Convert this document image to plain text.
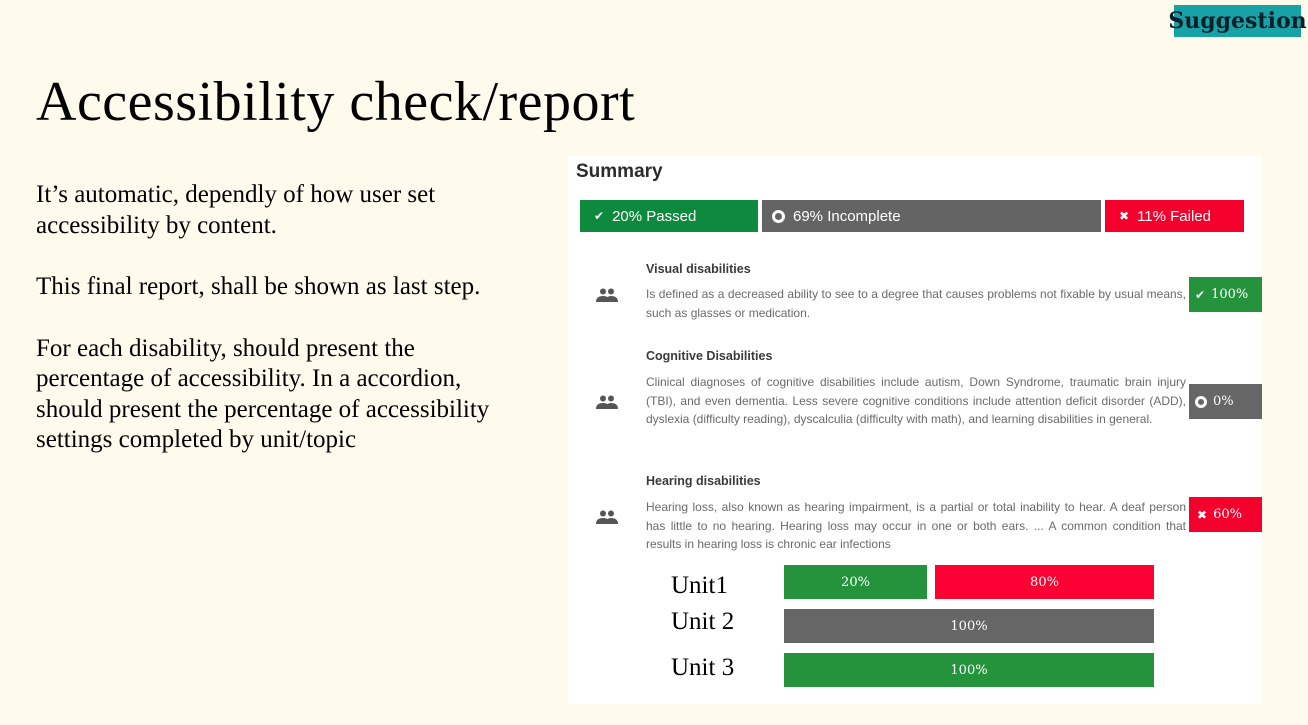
Suggestion
Accessibility check/report

It’s automatic, dependly of how user set accessibility by content.

This final report, shall be shown as last step.

For each disability, should present the percentage of accessibility. In a accordion, should present the percentage of accessibility settings completed by unit/topic

Summary
✔ 20% Passed	69% Incomplete	✖ 11% Failed
Visual disabilities
Is defined as a decreased ability to see to a degree that causes problems not fixable by usual means, such as glasses or medication.
✔ 100%
Cognitive Disabilities
Clinical diagnoses of cognitive disabilities include autism, Down Syndrome, traumatic brain injury (TBI), and even dementia. Less severe cognitive conditions include attention deficit disorder (ADD), dyslexia (difficulty reading), dyscalculia (difficulty with math), and learning disabilities in general.
0%
Hearing disabilities
Hearing loss, also known as hearing impairment, is a partial or total inability to hear. A deaf person has little to no hearing. Hearing loss may occur in one or both ears. ... A common condition that results in hearing loss is chronic ear infections
✖ 60%
Unit1	20%	80%
Unit 2	100%
Unit 3	100%
